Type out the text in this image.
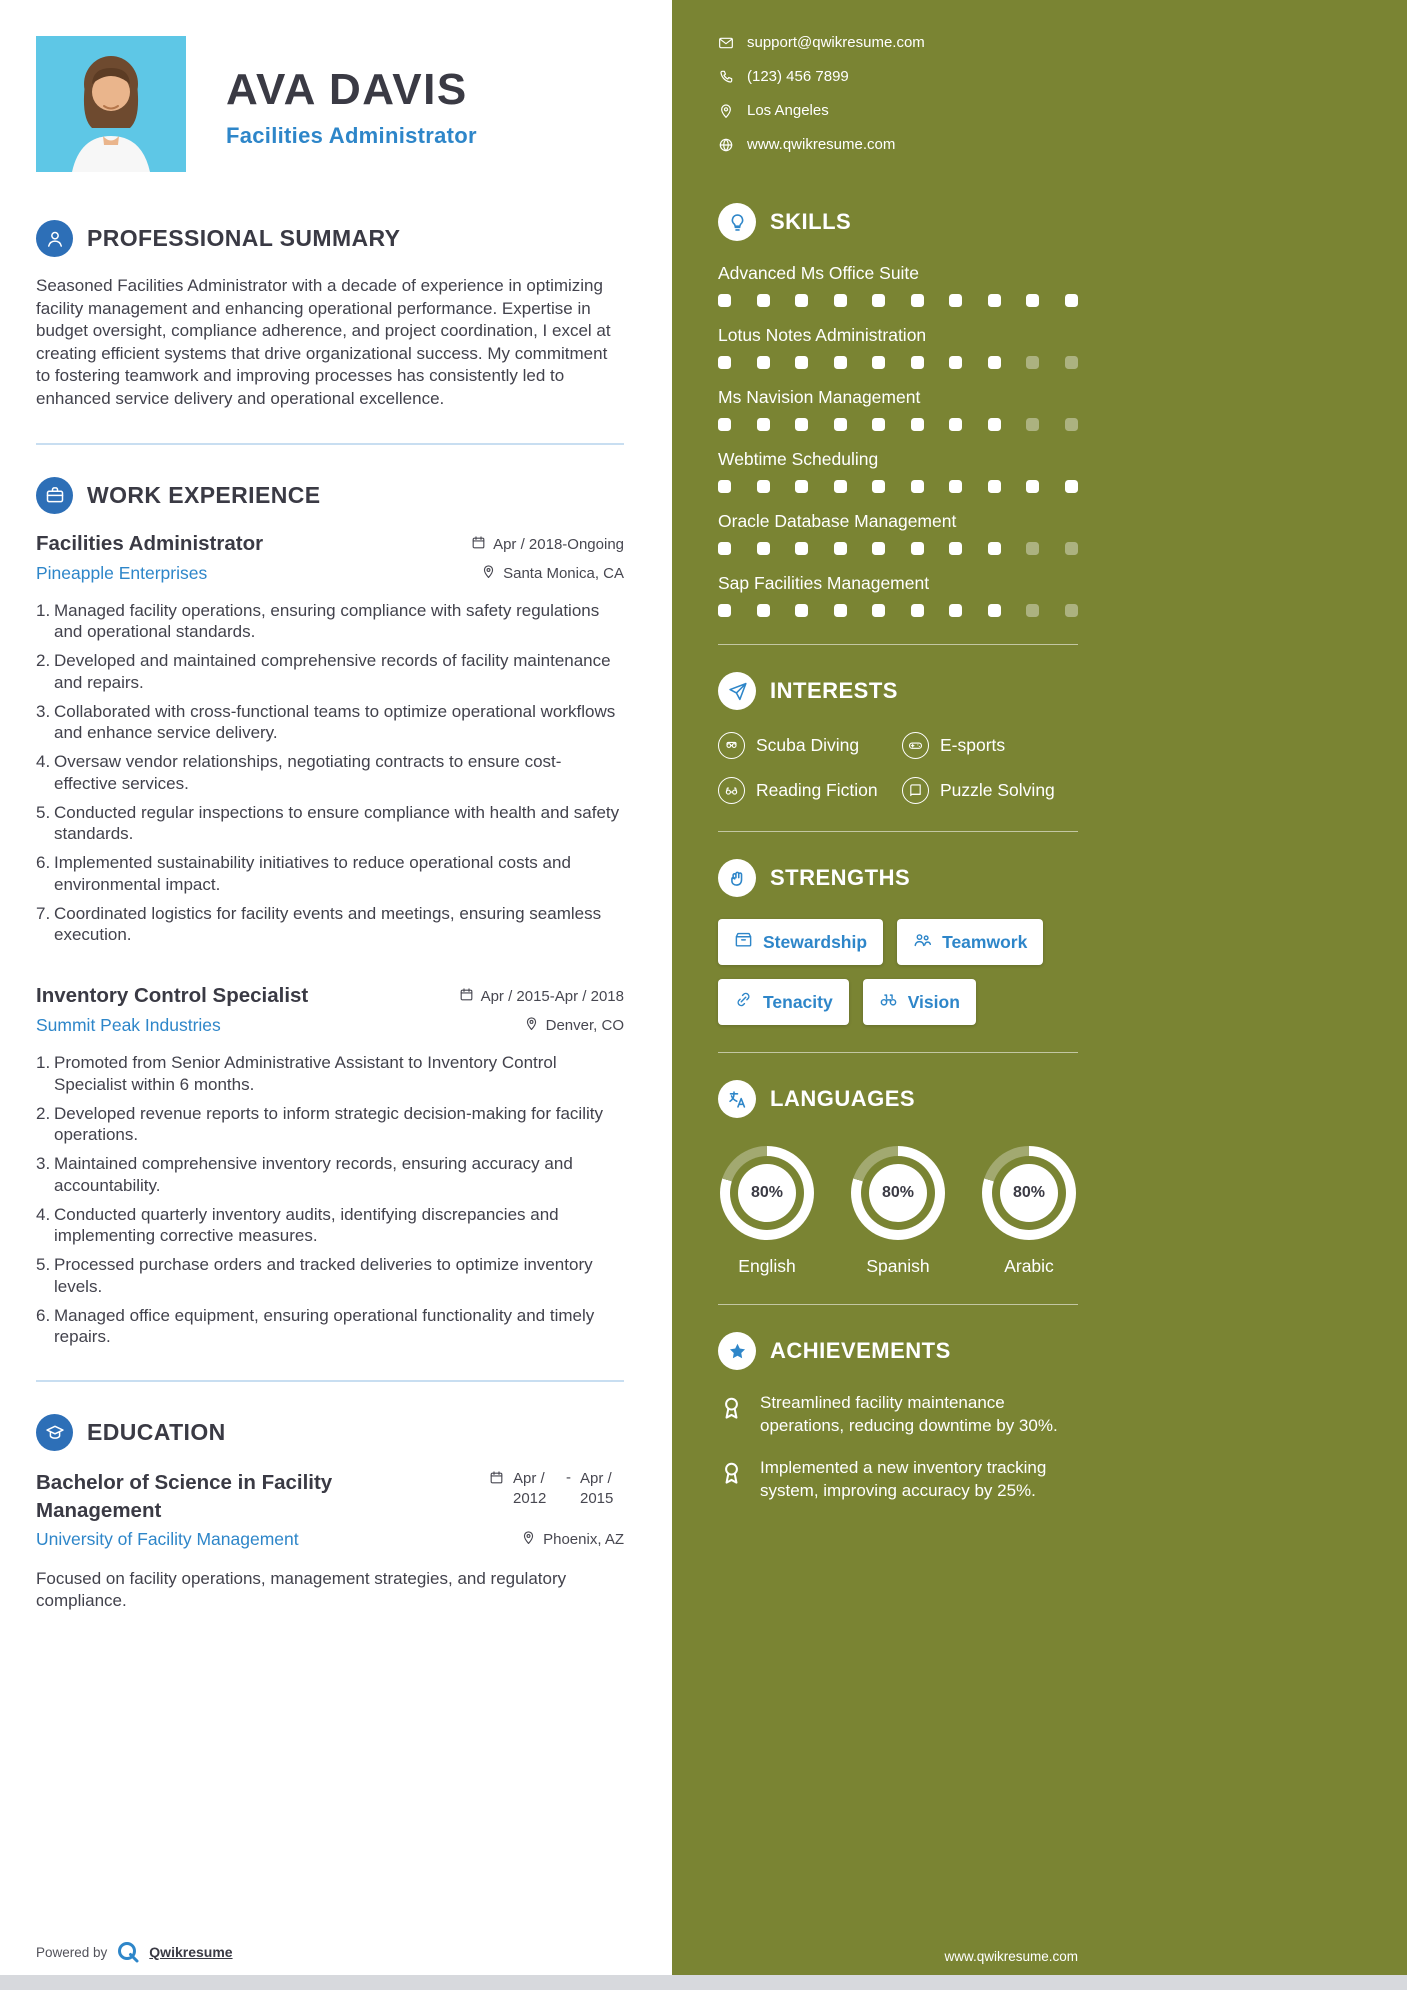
AVA DAVIS
Facilities Administrator
PROFESSIONAL SUMMARY

Seasoned Facilities Administrator with a decade of experience in optimizing facility management and enhancing operational performance. Expertise in budget oversight, compliance adherence, and project coordination, I excel at creating efficient systems that drive organizational success. My commitment to fostering teamwork and improving processes has consistently led to enhanced service delivery and operational excellence.

WORK EXPERIENCE
Facilities Administrator	Apr / 2018-Ongoing
Pineapple Enterprises	Santa Monica, CA
Managed facility operations, ensuring compliance with safety regulations and operational standards.
Developed and maintained comprehensive records of facility maintenance and repairs.
Collaborated with cross-functional teams to optimize operational workflows and enhance service delivery.
Oversaw vendor relationships, negotiating contracts to ensure cost-effective services.
Conducted regular inspections to ensure compliance with health and safety standards.
Implemented sustainability initiatives to reduce operational costs and environmental impact.
Coordinated logistics for facility events and meetings, ensuring seamless execution.
Inventory Control Specialist	Apr / 2015-Apr / 2018
Summit Peak Industries	Denver, CO
Promoted from Senior Administrative Assistant to Inventory Control Specialist within 6 months.
Developed revenue reports to inform strategic decision-making for facility operations.
Maintained comprehensive inventory records, ensuring accuracy and accountability.
Conducted quarterly inventory audits, identifying discrepancies and implementing corrective measures.
Processed purchase orders and tracked deliveries to optimize inventory levels.
Managed office equipment, ensuring operational functionality and timely repairs.
EDUCATION
Bachelor of Science in Facility Management
Apr / 2012
- Apr / 2015
University of Facility Management	Phoenix, AZ

Focused on facility operations, management strategies, and regulatory compliance.

Powered by	Qwikresume
support@qwikresume.com
(123) 456 7899
Los Angeles
www.qwikresume.com
SKILLS
Advanced Ms Office Suite
Lotus Notes Administration
Ms Navision Management
Webtime Scheduling
Oracle Database Management
Sap Facilities Management
INTERESTS
Scuba Diving	E-sports
Reading Fiction	Puzzle Solving
STRENGTHS
Stewardship	Teamwork
Tenacity	Vision
LANGUAGES
80%
English
80%
Spanish
80%
Arabic
ACHIEVEMENTS
Streamlined facility maintenance operations, reducing downtime by 30%.
Implemented a new inventory tracking system, improving accuracy by 25%.
www.qwikresume.com
